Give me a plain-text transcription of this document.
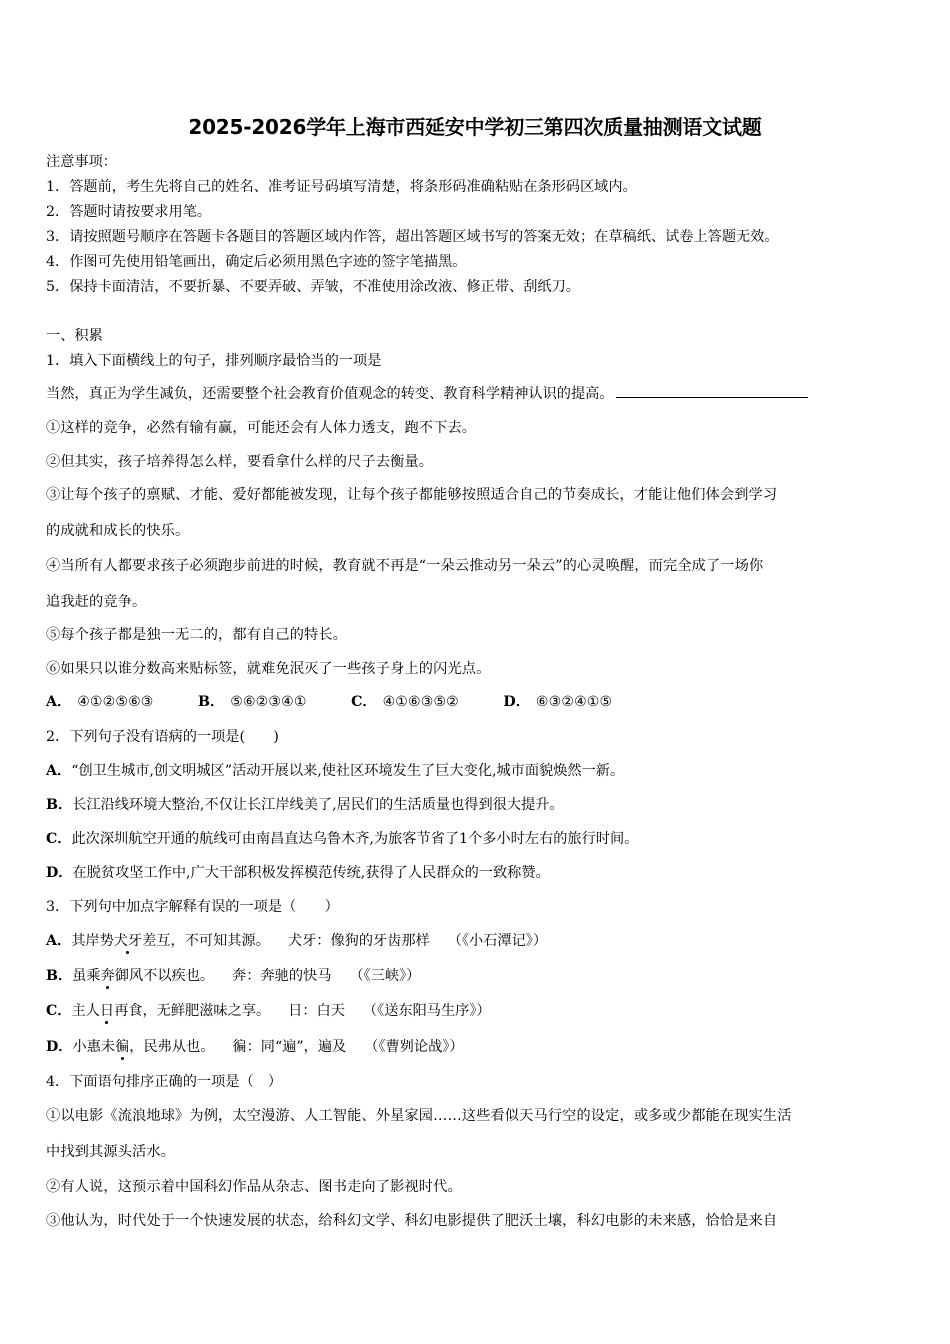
2025-2026学年上海市西延安中学初三第四次质量抽测语文试题
注意事项：
1．答题前，考生先将自己的姓名、准考证号码填写清楚，将条形码准确粘贴在条形码区域内。
2．答题时请按要求用笔。
3．请按照题号顺序在答题卡各题目的答题区域内作答，超出答题区域书写的答案无效；在草稿纸、试卷上答题无效。
4．作图可先使用铅笔画出，确定后必须用黑色字迹的签字笔描黑。
5．保持卡面清洁，不要折暴、不要弄破、弄皱，不准使用涂改液、修正带、刮纸刀。
一、积累
1．填入下面横线上的句子，排列顺序最恰当的一项是
当然，真正为学生减负，还需要整个社会教育价值观念的转变、教育科学精神认识的提高。
①这样的竞争，必然有输有赢，可能还会有人体力透支，跑不下去。
②但其实，孩子培养得怎么样，要看拿什么样的尺子去衡量。
③让每个孩子的禀赋、才能、爱好都能被发现，让每个孩子都能够按照适合自己的节奏成长，才能让他们体会到学习
的成就和成长的快乐。
④当所有人都要求孩子必须跑步前进的时候，教育就不再是“一朵云推动另一朵云”的心灵唤醒，而完全成了一场你
追我赶的竞争。
⑤每个孩子都是独一无二的，都有自己的特长。
⑥如果只以谁分数高来贴标签，就难免泯灭了一些孩子身上的闪光点。
A． ④①②⑤⑥③	B． ⑤⑥②③④①	C． ④①⑥③⑤②	D． ⑥③②④①⑤
2．下列句子没有语病的一项是(　　)
A．“创卫生城市,创文明城区”活动开展以来,使社区环境发生了巨大变化,城市面貌焕然一新。
B．长江沿线环境大整治,不仅让长江岸线美了,居民们的生活质量也得到很大提升。
C．此次深圳航空开通的航线可由南昌直达乌鲁木齐,为旅客节省了1个多小时左右的旅行时间。
D．在脱贫攻坚工作中,广大干部积极发挥模范传统,获得了人民群众的一致称赞。
3．下列句中加点字解释有误的一项是（　　）
A．其岸势犬牙差互，不可知其源。 犬牙：像狗的牙齿那样 （《小石潭记》）
B．虽乘奔御风不以疾也。 奔：奔驰的快马 （《三峡》）
C．主人日再食，无鲜肥滋味之享。 日：白天 （《送东阳马生序》）
D．小惠未徧，民弗从也。 徧：同“遍”，遍及 （《曹刿论战》）
4．下面语句排序正确的一项是（　）
①以电影《流浪地球》为例，太空漫游、人工智能、外星家园……这些看似天马行空的设定，或多或少都能在现实生活
中找到其源头活水。
②有人说，这预示着中国科幻作品从杂志、图书走向了影视时代。
③他认为，时代处于一个快速发展的状态，给科幻文学、科幻电影提供了肥沃土壤，科幻电影的未来感，恰恰是来自
